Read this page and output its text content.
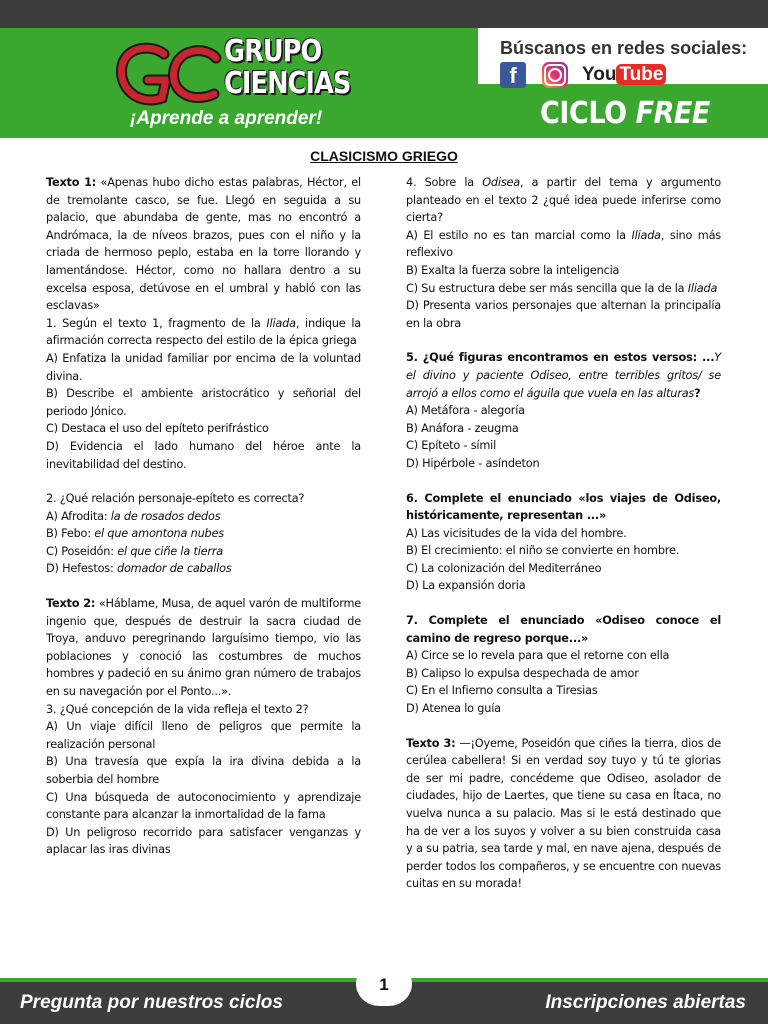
GRUPO
CIENCIAS
¡Aprende a aprender!
Búscanos en redes sociales:
f	You Tube
CICLO FREE
CLASICISMO GRIEGO

Texto 1: «Apenas hubo dicho estas palabras, Héctor, el de tremolante casco, se fue. Llegó en seguida a su palacio, que abundaba de gente, mas no encontró a Andrómaca, la de níveos brazos, pues con el niño y la criada de hermoso peplo, estaba en la torre llorando y lamentándose. Héctor, como no hallara dentro a su excelsa esposa, detúvose en el umbral y habló con las esclavas»

1. Según el texto 1, fragmento de la Iliada, indique la afirmación correcta respecto del estilo de la épica griega

A) Enfatiza la unidad familiar por encima de la voluntad divina.

B) Describe el ambiente aristocrático y señorial del periodo Jónico.

C) Destaca el uso del epíteto perifrástico

D) Evidencia el lado humano del héroe ante la inevitabilidad del destino.

2. ¿Qué relación personaje-epíteto es correcta?

A) Afrodita: la de rosados dedos

B) Febo: el que amontona nubes

C) Poseidón: el que ciñe la tierra

D) Hefestos: domador de caballos

Texto 2: «Háblame, Musa, de aquel varón de multiforme ingenio que, después de destruir la sacra ciudad de Troya, anduvo peregrinando larguísimo tiempo, vio las poblaciones y conoció las costumbres de muchos hombres y padeció en su ánimo gran número de trabajos en su navegación por el Ponto...».

3. ¿Qué concepción de la vida refleja el texto 2?

A) Un viaje difícil lleno de peligros que permite la realización personal

B) Una travesía que expía la ira divina debida a la soberbia del hombre

C) Una búsqueda de autoconocimiento y aprendizaje constante para alcanzar la inmortalidad de la fama

D) Un peligroso recorrido para satisfacer venganzas y aplacar las iras divinas

4. Sobre la Odisea, a partir del tema y argumento planteado en el texto 2 ¿qué idea puede inferirse como cierta?

A) El estilo no es tan marcial como la Iliada, sino más reflexivo

B) Exalta la fuerza sobre la inteligencia

C) Su estructura debe ser más sencilla que la de la Iliada

D) Presenta varios personajes que alternan la principalía en la obra

5. ¿Qué figuras encontramos en estos versos: ...Y el divino y paciente Odiseo, entre terribles gritos/ se arrojó a ellos como el águila que vuela en las alturas?

A) Metáfora - alegoría

B) Anáfora - zeugma

C) Epíteto - símil

D) Hipérbole - asíndeton

6. Complete el enunciado «los viajes de Odiseo, históricamente, representan ...»

A) Las vicisitudes de la vida del hombre.

B) El crecimiento: el niño se convierte en hombre.

C) La colonización del Mediterráneo

D) La expansión doria

7. Complete el enunciado «Odiseo conoce el camino de regreso porque...»

A) Circe se lo revela para que el retorne con ella

B) Calipso lo expulsa despechada de amor

C) En el Infierno consulta a Tiresias

D) Atenea lo guía

Texto 3: —¡Oyeme, Poseidón que ciñes la tierra, dios de cerúlea cabellera! Si en verdad soy tuyo y tú te glorias de ser mi padre, concédeme que Odiseo, asolador de ciudades, hijo de Laertes, que tiene su casa en Ítaca, no vuelva nunca a su palacio. Mas si le está destinado que ha de ver a los suyos y volver a su bien construida casa y a su patria, sea tarde y mal, en nave ajena, después de perder todos los compañeros, y se encuentre con nuevas cuitas en su morada!

Pregunta por nuestros ciclos	Inscripciones abiertas
1
